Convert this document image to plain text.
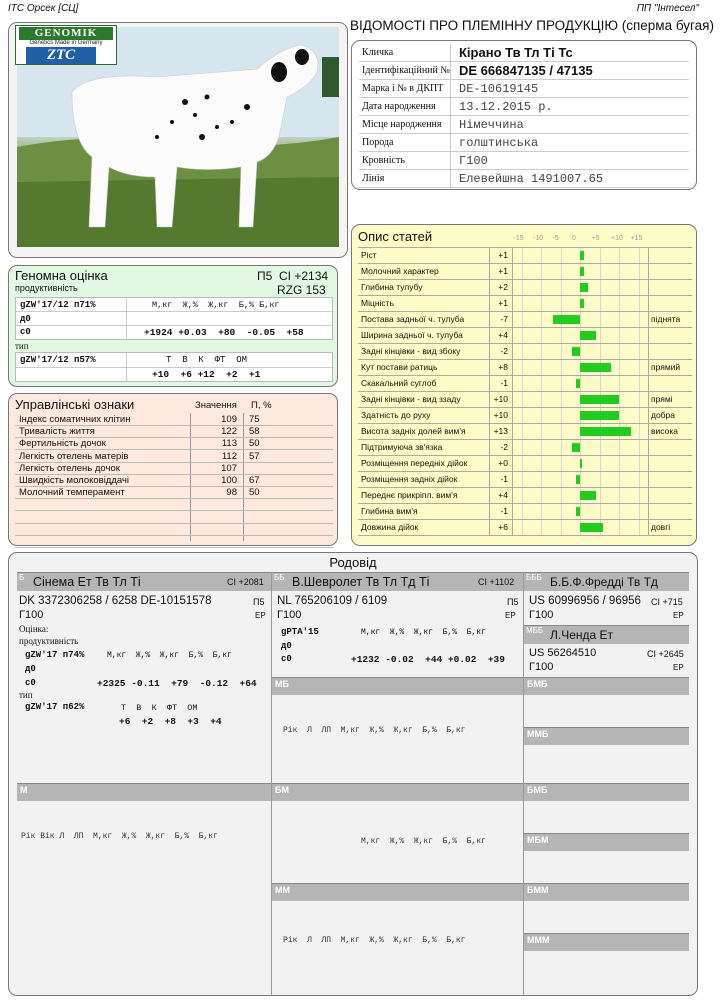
ITC Орсек [СЦ]	ПП "Інтесел"
ВІДОМОСТІ ПРО ПЛЕМІННУ ПРОДУКЦІЮ (сперма бугая)
GENOMIK
Genetics Made in Germany
ZTC	Кличка	Кірано Тв Тл Ті Тс
Ідентифікаційний № DE 666847135 / 47135
Марка і № в ДКПТ	DE-10619145
Дата народження	13.12.2015 р.
Місце народження	Німеччина
Порода	голштинська
Кровність	Г100
Лінія	Елевейшна 1491007.65
Геномна оцінка	П5 CI +2134
продуктивність	RZG 153
gZW'17/12 п71%	М,кг  Ж,%  Ж,кг  Б,% Б,кг
д0
с0	+1924 +0.03  +80  -0.05  +58
тип
gZW'17/12 п57%	Т  В  К  ФТ  ОМ
+10  +6 +12  +2  +1
Управлінські ознаки	Значення П, %
Індекс соматичних клітин	109 75
Тривалість життя	122 58
Фертильність дочок	113 50
Легкість отелень матерів	112 57
Легкість отелень дочок	107
Швидкість молоковіддачі	100 67
Молочний темперамент	98 50
Опис статей	-15 -10 -5 0 +5 +10 +15
Ріст	+1
Молочний характер	+1
Глибина тулубу	+2
Міцність	+1
Постава задньої ч. тулуба	-7	піднята
Ширина задньої ч. тулуба	+4
Задні кінцівки - вид збоку	-2
Кут постави ратиць	+8	прямий
Скакальний суглоб	-1
Задні кінцівки - вид ззаду	+10	прямі
Здатність до руху	+10	добра
Висота задніх долей вим'я	+13	висока
Підтримуюча зв'язка	-2
Розміщення передніх дійок	+0
Розміщення задніх дійок	-1
Переднє прикріпл. вим'я	+4
Глибина вим'я	-1
Довжина дійок	+6	довгі
Родовід
Б Сінема Ет Тв Тл Ті	CI +2081 ББ В.Шевролет Тв Тл Тд Ті	CI +1102 БББ Б.Б.Ф.Фредді Тв Тд
DK 3372306258 / 6258 DE-10151578	П5
Г100
Оцінка:
продуктивність
gZW'17 п74%	М,кг  Ж,%  Ж,кг  Б,%  Б,кг
д0
с0	+2325 -0.11  +79  -0.12  +64
тип
gZW'17 п62%	Т  В  К  ФТ  ОМ
+6  +2  +8  +3  +4
NL 765206109 / 6109	П5
Г100	ЕР
gPTA'15	М,кг  Ж,%  Ж,кг  Б,%  Б,кг
д0
с0	+1232 -0.02  +44 +0.02  +39
ЕР
US 60996956 / 96956 CI +715
Г100	ЕР
МББ Л.Ченда Ет
US 56264510	CI +2645
Г100	ЕР
МБ	БМБ
ММБ
М	БМ	БМБ
МБМ
ММ	БММ
МММ
Рік  Л  ЛП  М,кг  Ж,%  Ж,кг  Б,%  Б,кг
Рік Вік Л  ЛП  М,кг  Ж,%  Ж,кг  Б,%  Б,кг
М,кг  Ж,%  Ж,кг  Б,%  Б,кг
Рік  Л  ЛП  М,кг  Ж,%  Ж,кг  Б,%  Б,кг
